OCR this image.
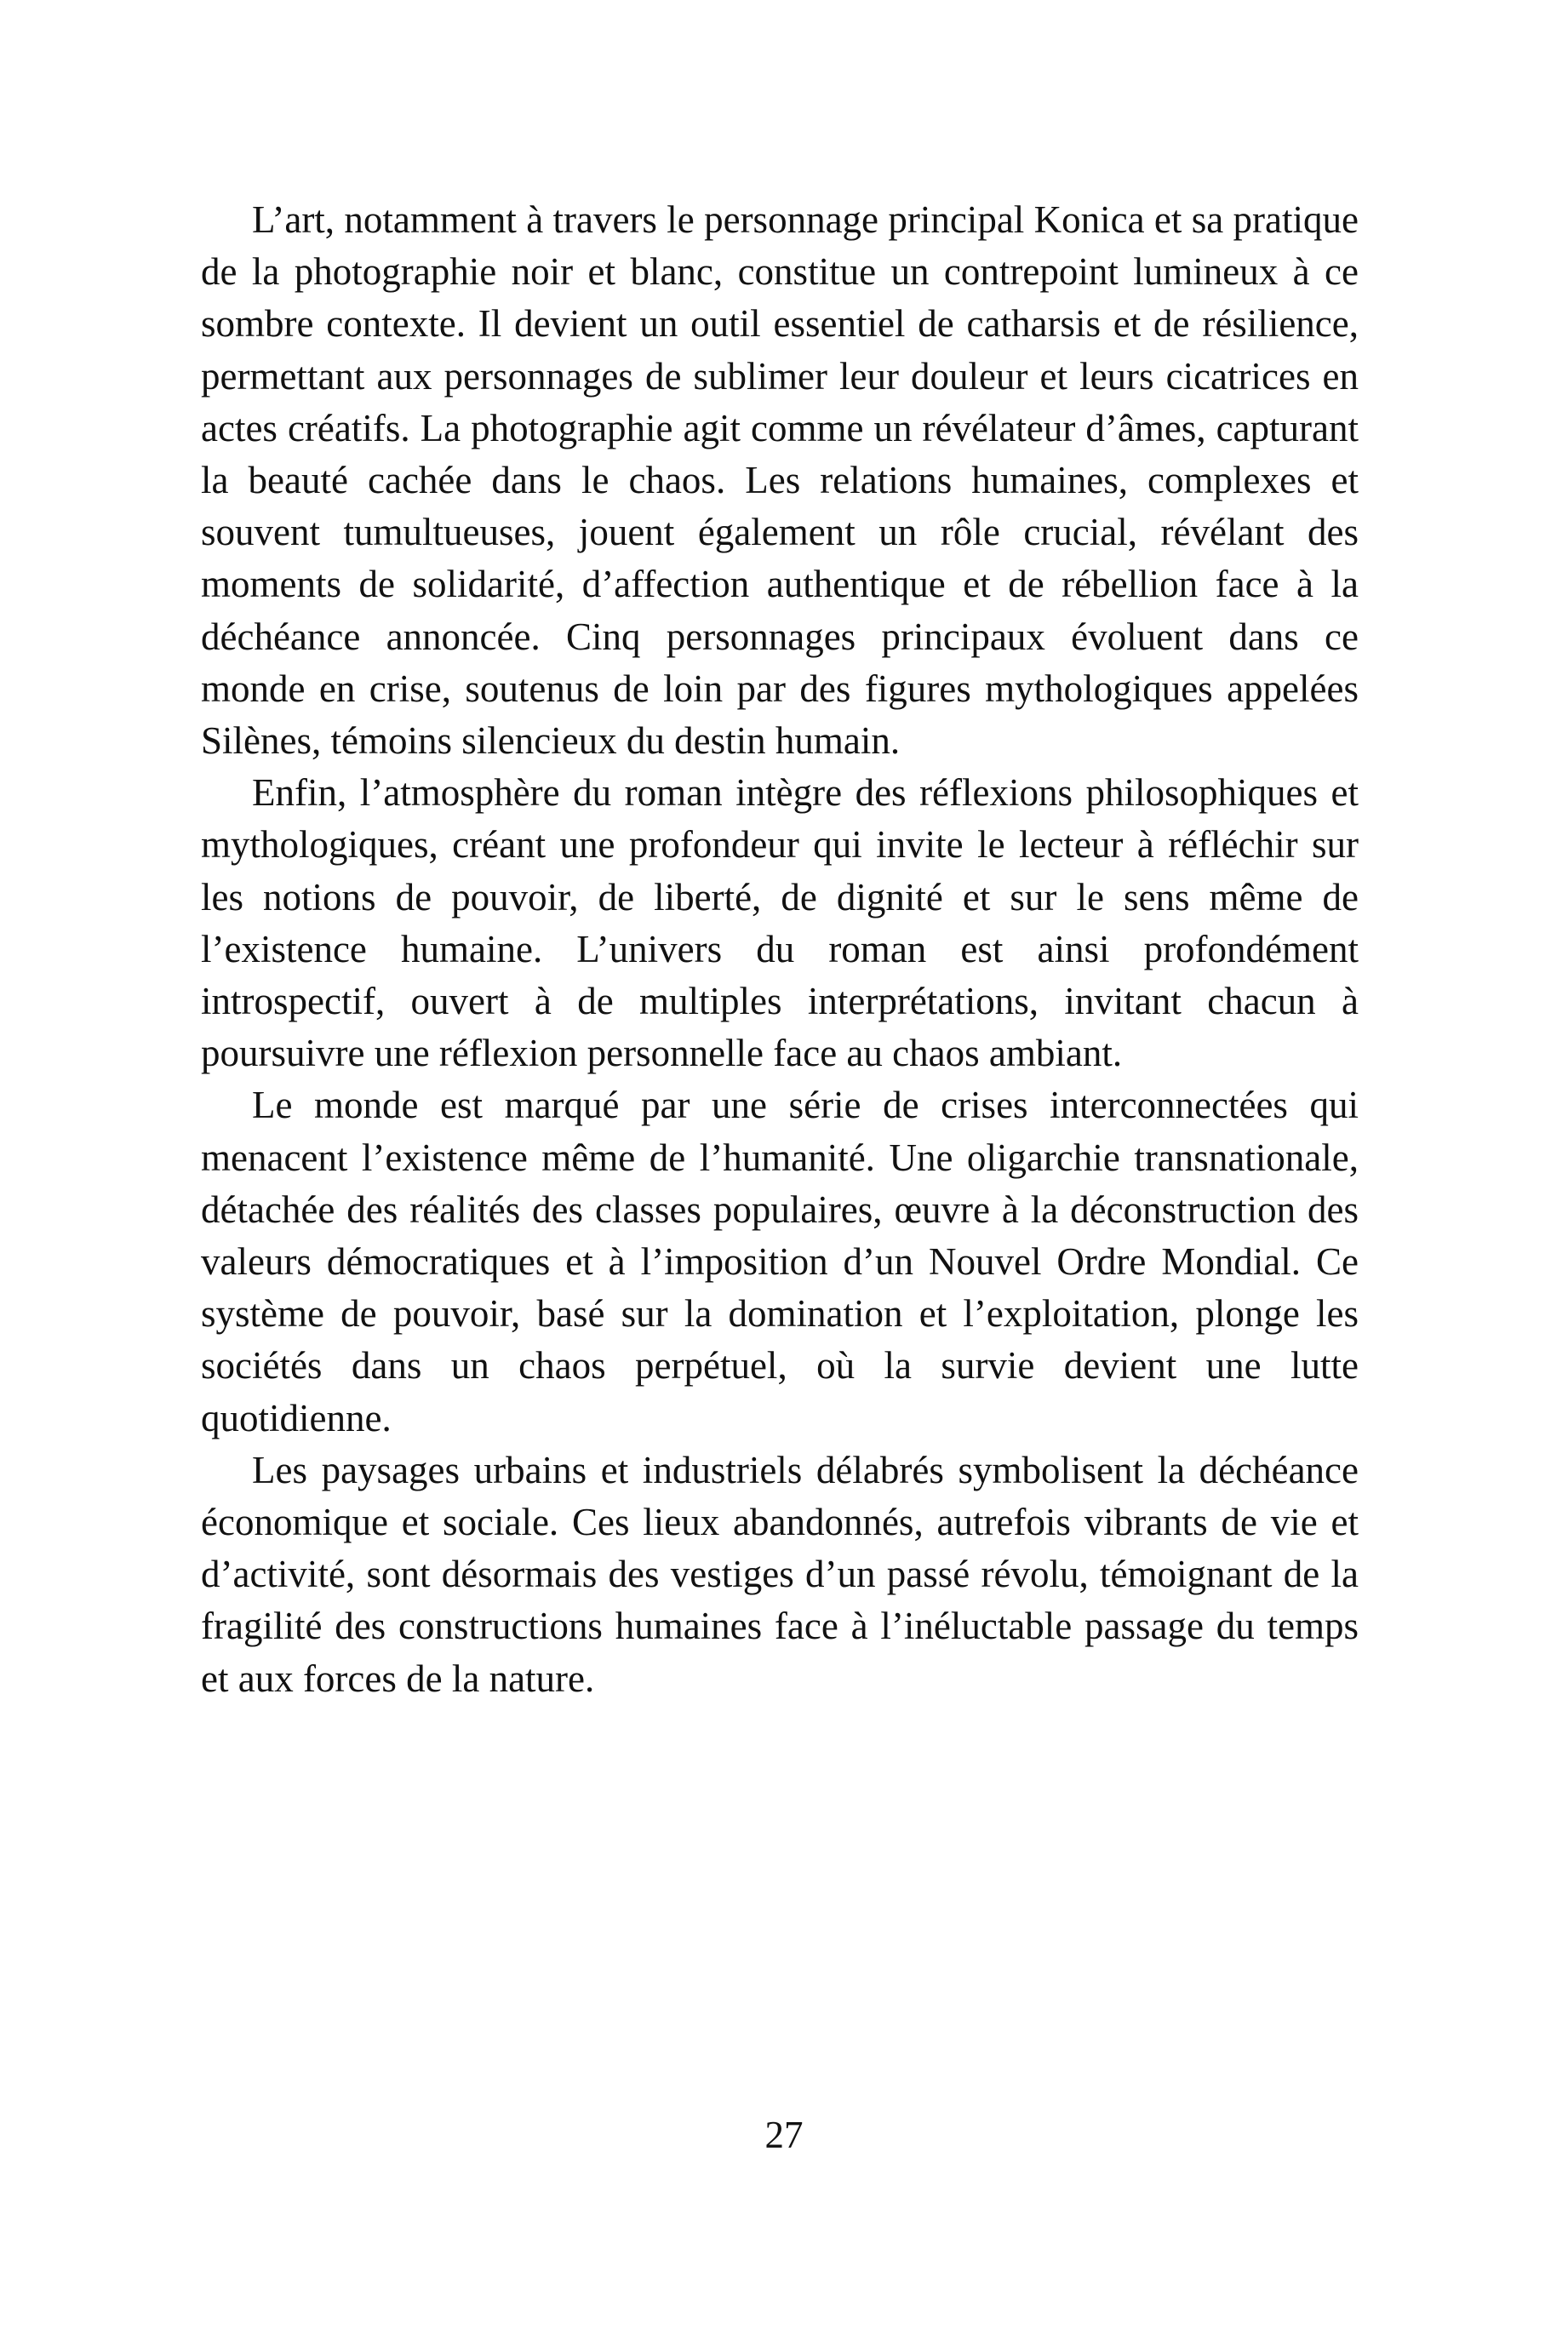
L’art, notamment à travers le personnage principal Konica et sa pratique de la photographie noir et blanc, constitue un contrepoint lumineux à ce sombre contexte. Il devient un outil essentiel de catharsis et de résilience, permettant aux personnages de sublimer leur douleur et leurs cicatrices en actes créatifs. La photographie agit comme un révélateur d’âmes, capturant la beauté cachée dans le chaos. Les relations humaines, complexes et souvent tumultueuses, jouent également un rôle crucial, révélant des moments de solidarité, d’affection authentique et de rébellion face à la déchéance annoncée. Cinq personnages principaux évoluent dans ce monde en crise, soutenus de loin par des figures mythologiques appelées Silènes, témoins silencieux du destin humain.

Enfin, l’atmosphère du roman intègre des réflexions philosophiques et mythologiques, créant une profondeur qui invite le lecteur à réfléchir sur les notions de pouvoir, de liberté, de dignité et sur le sens même de l’existence humaine. L’univers du roman est ainsi profondément introspectif, ouvert à de multiples interprétations, invitant chacun à poursuivre une réflexion personnelle face au chaos ambiant.

Le monde est marqué par une série de crises interconnectées qui menacent l’existence même de l’humanité. Une oligarchie transnationale, détachée des réalités des classes populaires, œuvre à la déconstruction des valeurs démocratiques et à l’imposition d’un Nouvel Ordre Mondial. Ce système de pouvoir, basé sur la domination et l’exploitation, plonge les sociétés dans un chaos perpétuel, où la survie devient une lutte quotidienne.

Les paysages urbains et industriels délabrés symbolisent la déchéance économique et sociale. Ces lieux abandonnés, autrefois vibrants de vie et d’activité, sont désormais des vestiges d’un passé révolu, témoignant de la fragilité des constructions humaines face à l’inéluctable passage du temps et aux forces de la nature.

27
